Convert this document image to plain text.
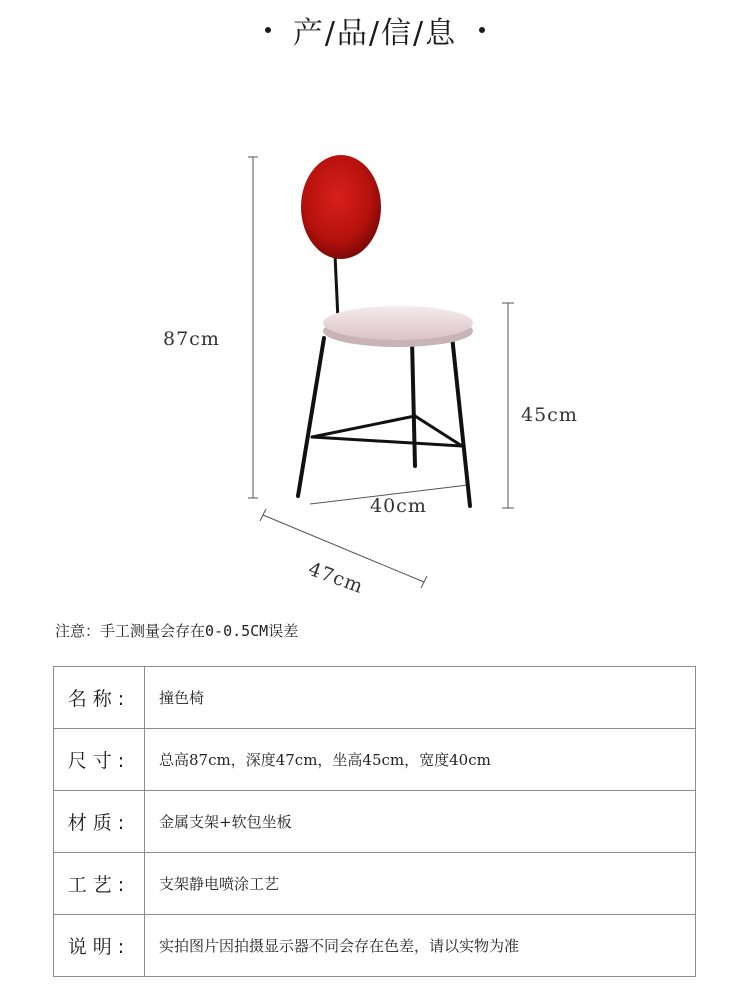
产/品/信/息
87cm
45cm
40cm
47cm
注意：手工测量会存在0-0.5CM误差
名称:	撞色椅
尺寸:	总高87cm，深度47cm，坐高45cm，宽度40cm
材质:	金属支架+软包坐板
工艺:	支架静电喷涂工艺
说明:	实拍图片因拍摄显示器不同会存在色差，请以实物为准
